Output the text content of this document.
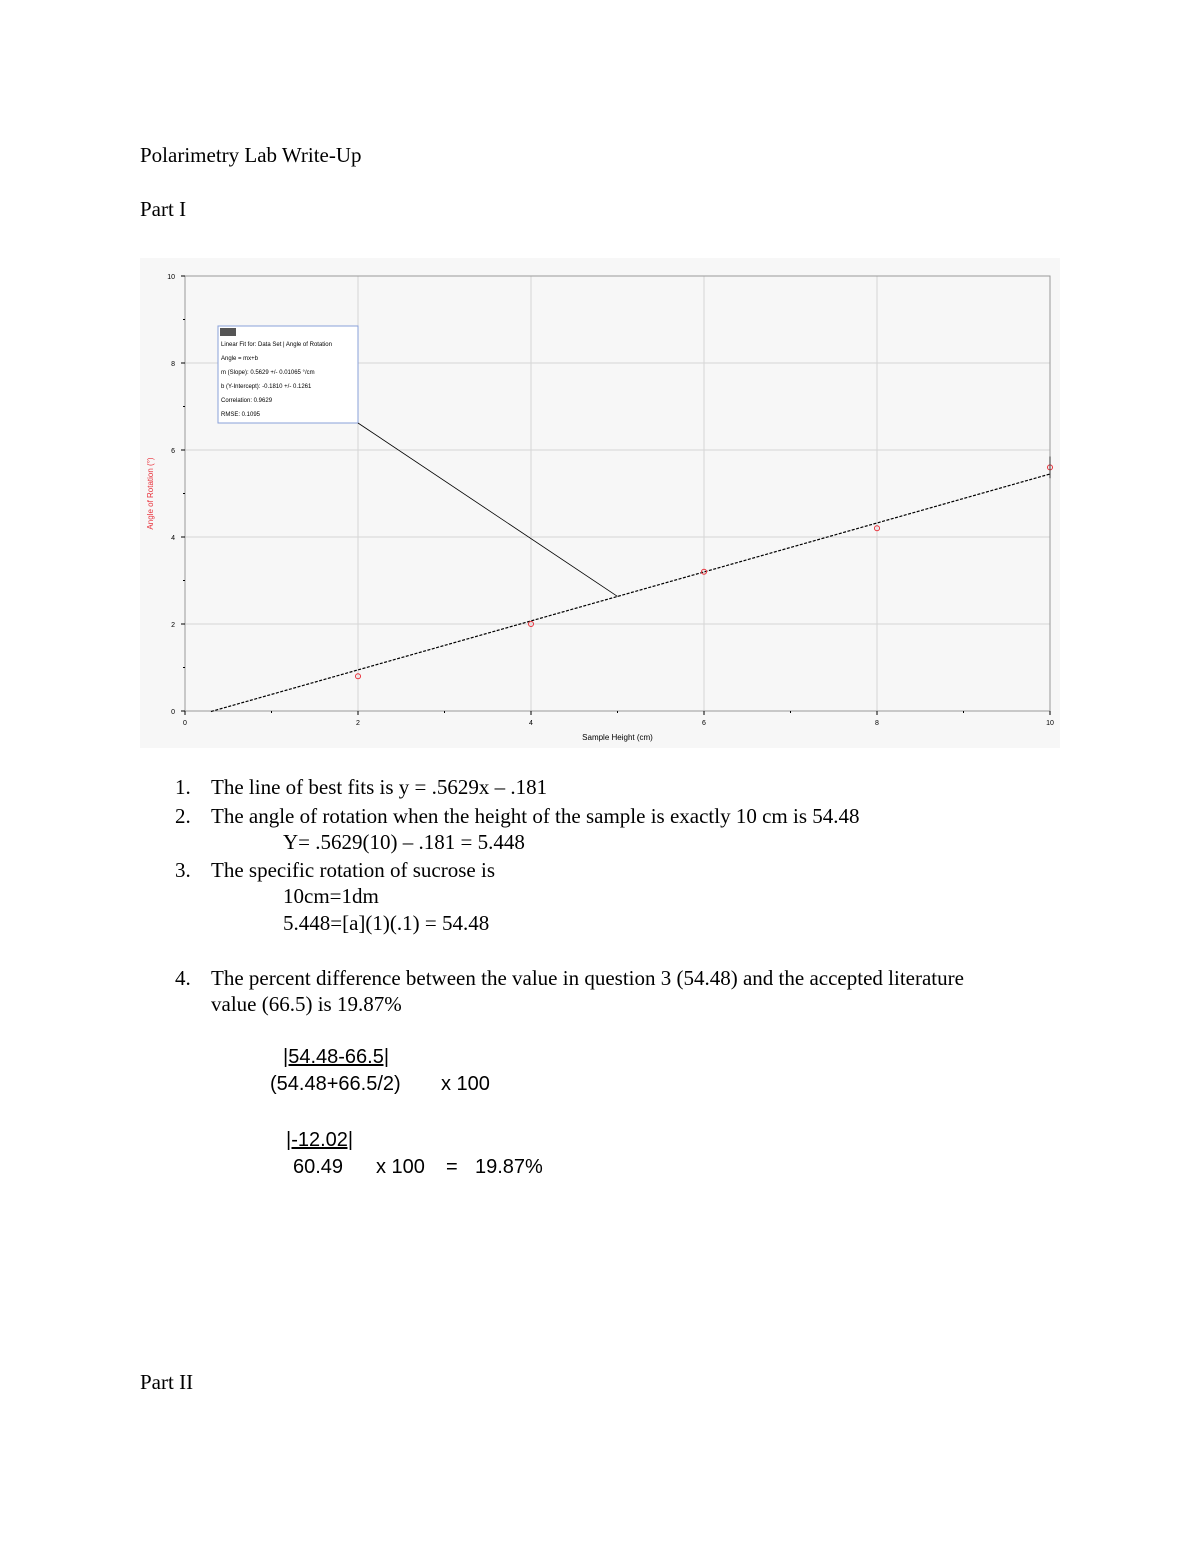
Polarimetry Lab Write-Up
Part I
0	2	4	6	8	10
0
2
4
6
8
10
Linear Fit for: Data Set | Angle of Rotation
Angle = mx+b
m (Slope): 0.5629 +/- 0.01065 °/cm
b (Y-Intercept): -0.1810 +/- 0.1261
Correlation: 0.9629
RMSE: 0.1095
Sample Height (cm)
Angle of Rotation (°)
1. The line of best fits is y = .5629x – .181
2. The angle of rotation when the height of the sample is exactly 10 cm is 54.48
Y= .5629(10) – .181 = 5.448
3. The specific rotation of sucrose is
10cm=1dm
5.448=[a](1)(.1) = 54.48
4. The percent difference between the value in question 3 (54.48) and the accepted literature
value (66.5) is 19.87%
|54.48-66.5|
(54.48+66.5/2) x 100
|-12.02|
60.49 x 100 = 19.87%
Part II
